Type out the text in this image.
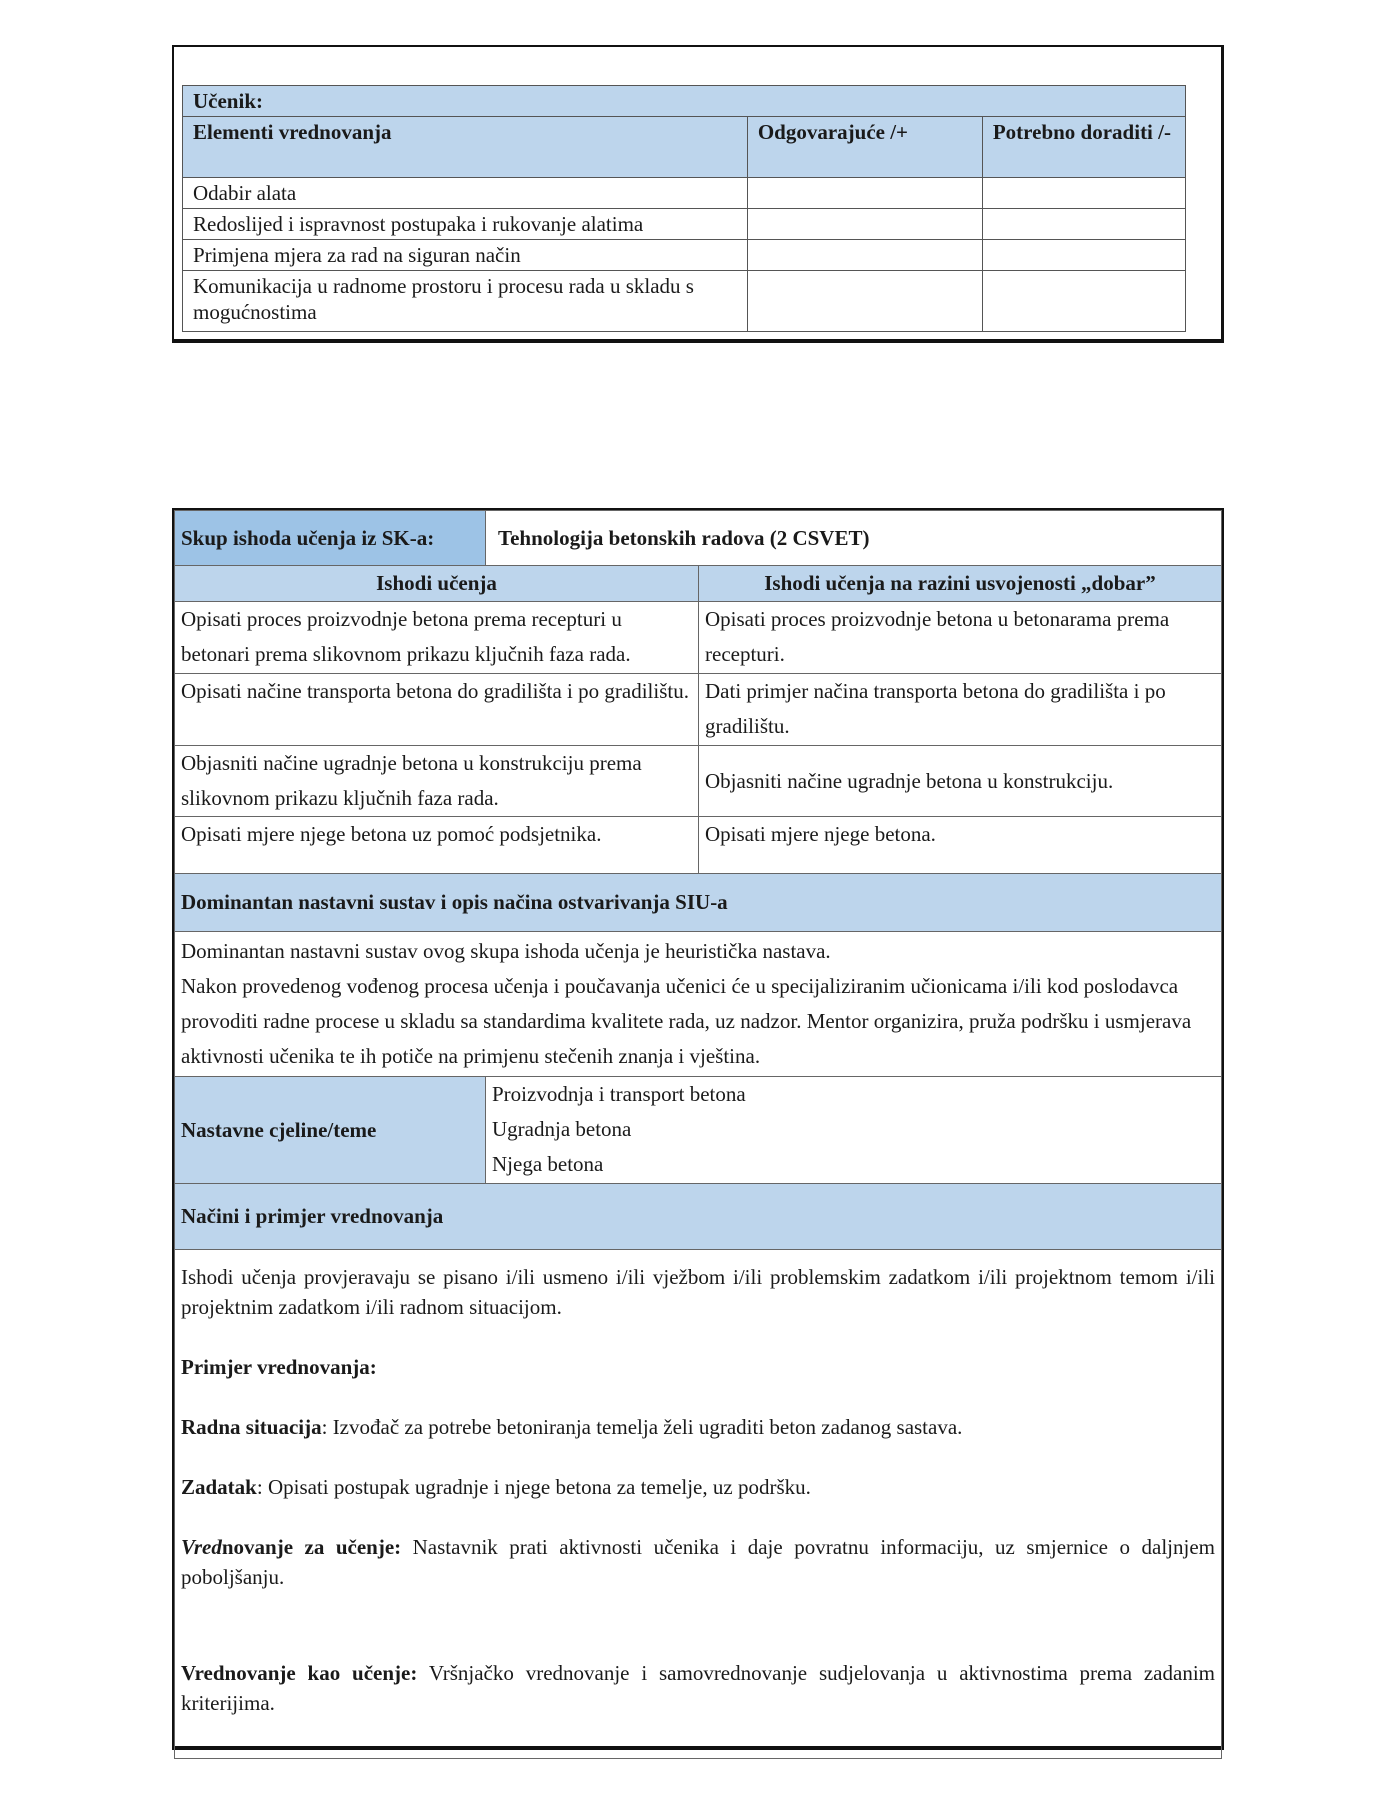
Učenik:		
Elementi vrednovanja	Odgovarajuće /+	Potrebno doraditi /-
Odabir alata		
Redoslijed i ispravnost postupaka i rukovanje alatima		
Primjena mjera za rad na siguran način		
Komunikacija u radnome prostoru i procesu rada u skladu s mogućnostima		
Skup ishoda učenja iz SK-a:	Tehnologija betonskih radova (2 CSVET)	
Ishodi učenja		Ishodi učenja na razini usvojenosti „dobar”
Opisati proces proizvodnje betona prema recepturi u betonari prema slikovnom prikazu ključnih faza rada.		Opisati proces proizvodnje betona u betonarama prema recepturi.
Opisati načine transporta betona do gradilišta i po gradilištu.		Dati primjer načina transporta betona do gradilišta i po gradilištu.
Objasniti načine ugradnje betona u konstrukciju prema slikovnom prikazu ključnih faza rada.		Objasniti načine ugradnje betona u konstrukciju.
Opisati mjere njege betona uz pomoć podsjetnika.		Opisati mjere njege betona.
Dominantan nastavni sustav i opis načina ostvarivanja SIU-a		

Dominantan nastavni sustav ovog skupa ishoda učenja je heuristička nastava.

Nakon provedenog vođenog procesa učenja i poučavanja učenici će u specijaliziranim učionicama i/ili kod poslodavca provoditi radne procese u skladu sa standardima kvalitete rada, uz nadzor. Mentor organizira, pruža podršku i usmjerava aktivnosti učenika te ih potiče na primjenu stečenih znanja i vještina.		

Nastavne cjeline/teme	Proizvodnja i transport betona

Ugradnja betona

Njega betona	

Načini i primjer vrednovanja		

Ishodi učenja provjeravaju se pisano i/ili usmeno i/ili vježbom i/ili problemskim zadatkom i/ili projektnom temom i/ili projektnim zadatkom i/ili radnom situacijom.

Primjer vrednovanja:

Radna situacija: Izvođač za potrebe betoniranja temelja želi ugraditi beton zadanog sastava.

Zadatak: Opisati postupak ugradnje i njege betona za temelje, uz podršku.

Vrednovanje za učenje: Nastavnik prati aktivnosti učenika i daje povratnu informaciju, uz smjernice o daljnjem poboljšanju.

Vrednovanje kao učenje: Vršnjačko vrednovanje i samovrednovanje sudjelovanja u aktivnostima prema zadanim kriterijima.
